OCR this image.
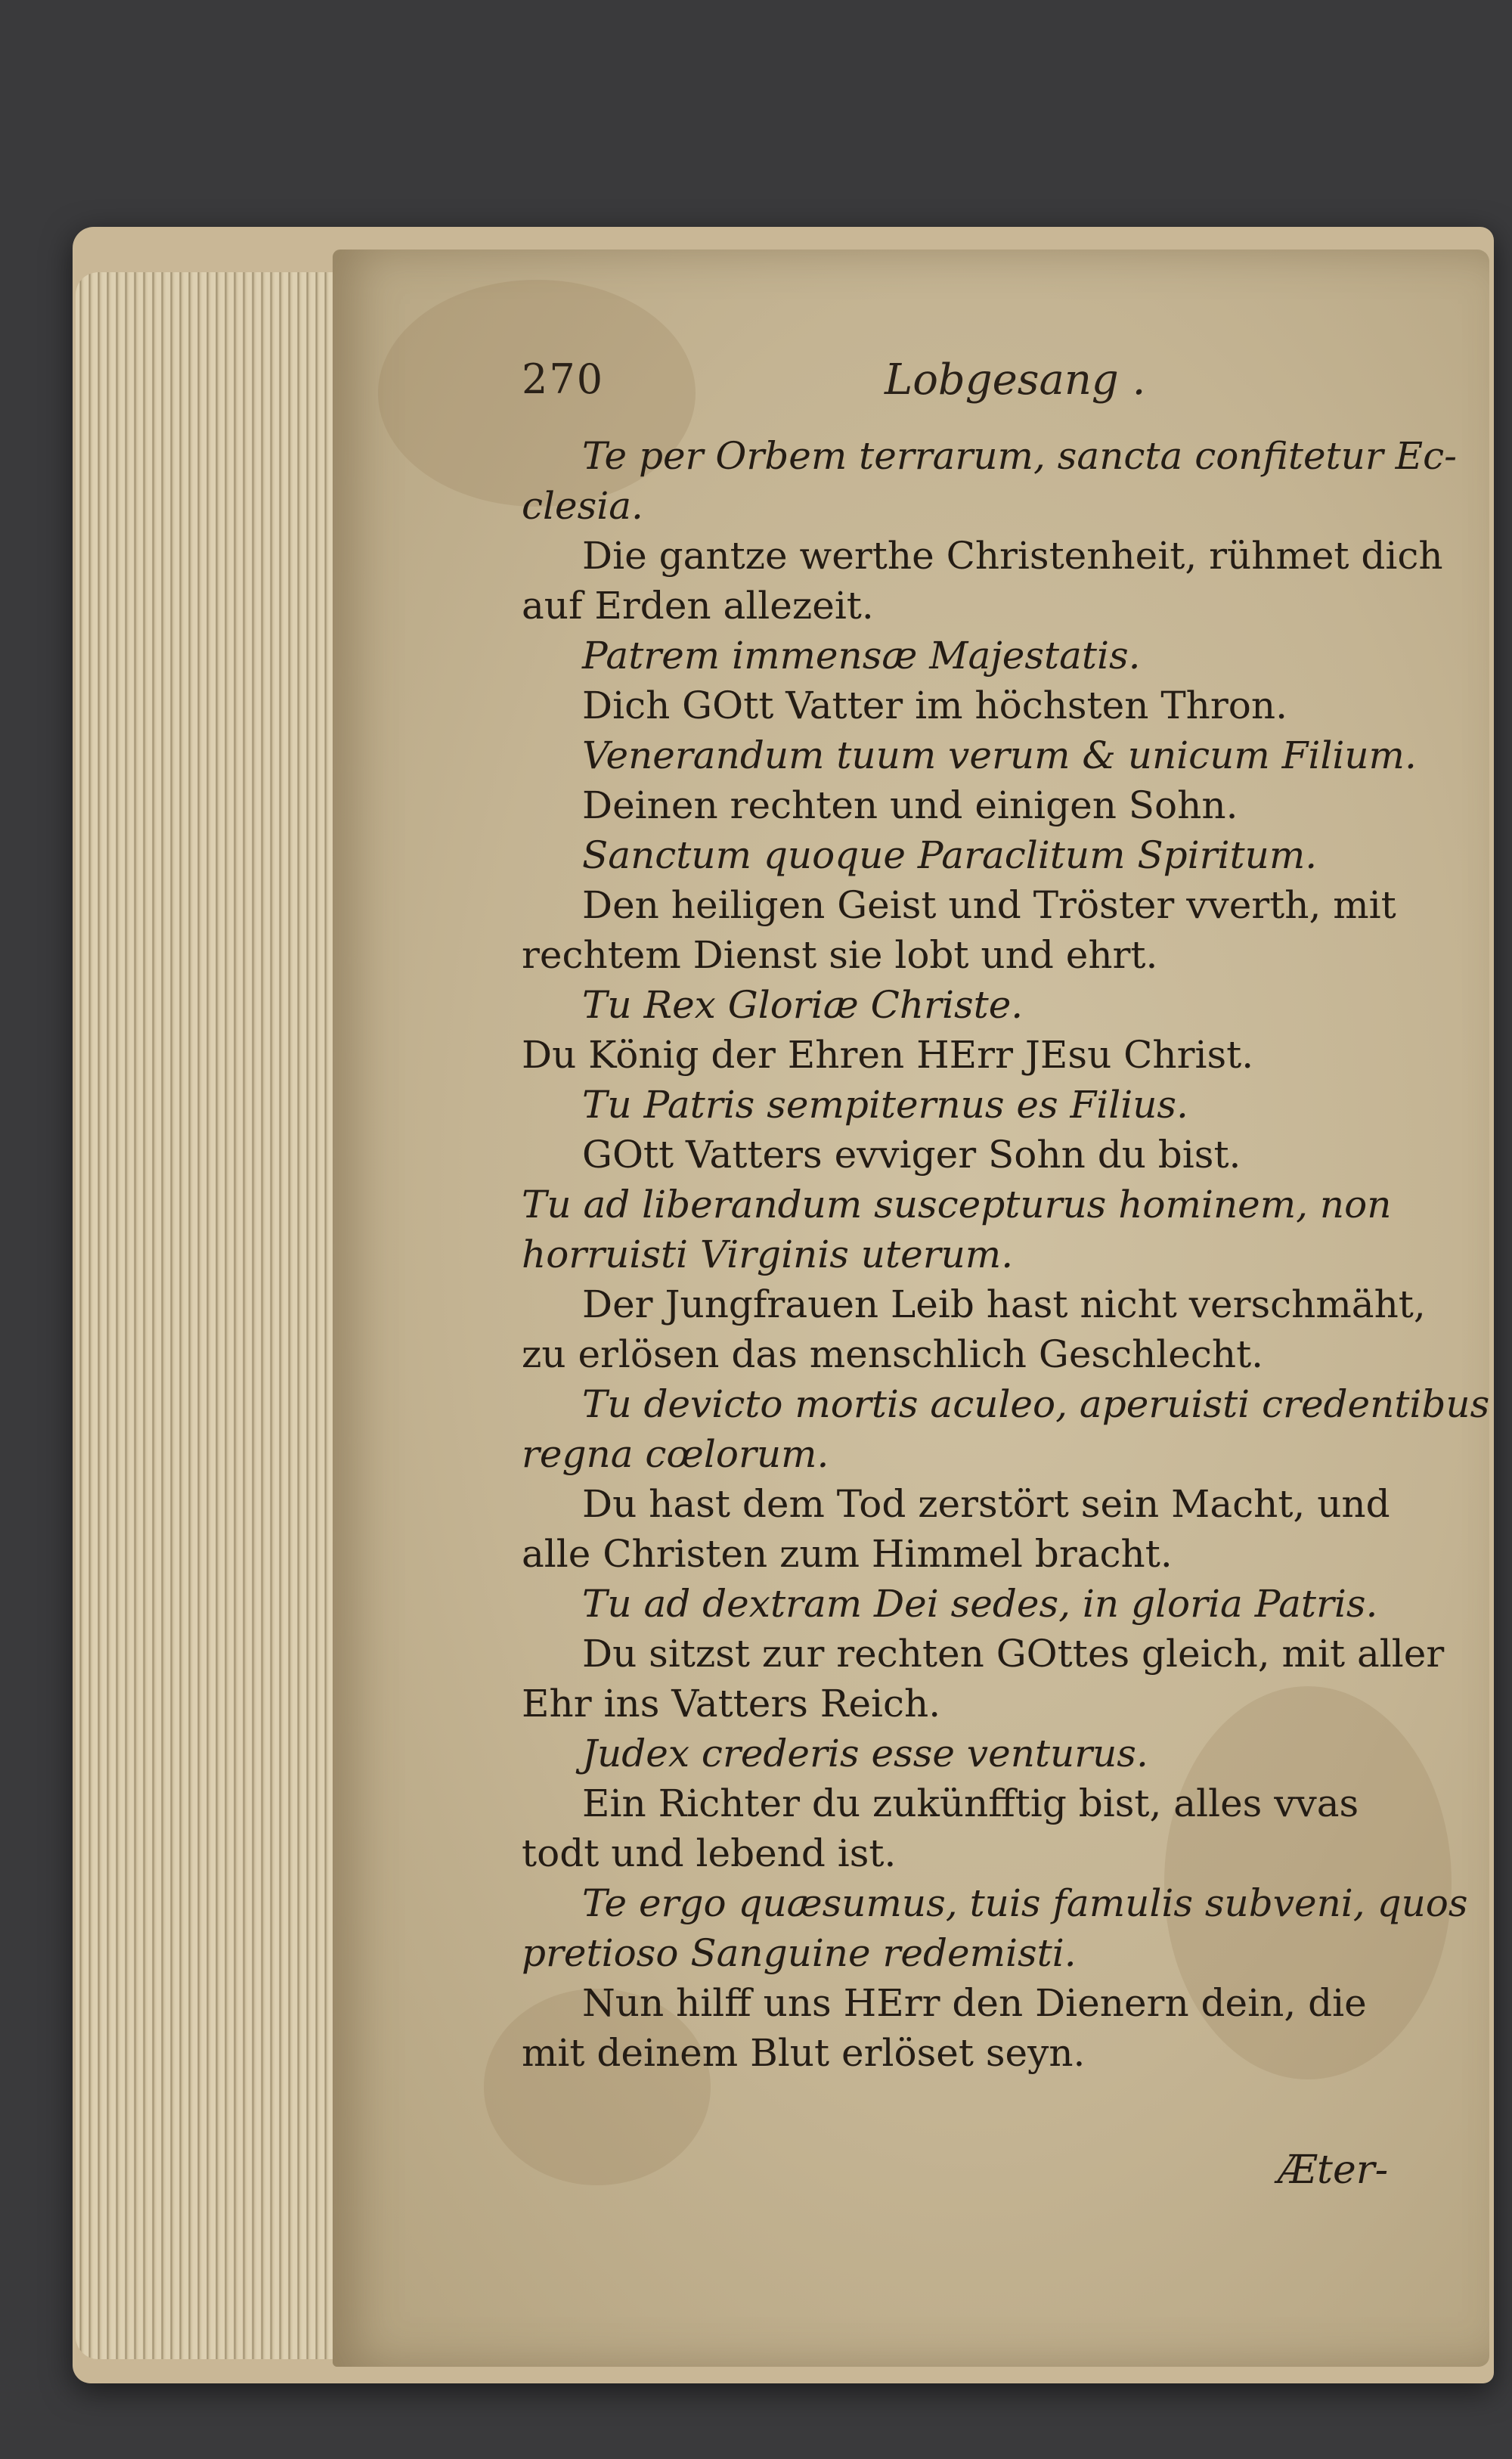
270	Lobgesang .
Te per Orbem terrarum, sancta confitetur Ec-
clesia.
Die gantze werthe Christenheit, rühmet dich
auf Erden allezeit.
Patrem immensæ Majestatis.
Dich GOtt Vatter im höchsten Thron.
Venerandum tuum verum & unicum Filium.
Deinen rechten und einigen Sohn.
Sanctum quoque Paraclitum Spiritum.
Den heiligen Geist und Tröster vverth, mit
rechtem Dienst sie lobt und ehrt.
Tu Rex Gloriæ Christe.
Du König der Ehren HErr JEsu Christ.
Tu Patris sempiternus es Filius.
GOtt Vatters evviger Sohn du bist.
Tu ad liberandum suscepturus hominem, non
horruisti Virginis uterum.
Der Jungfrauen Leib hast nicht verschmäht,
zu erlösen das menschlich Geschlecht.
Tu devicto mortis aculeo, aperuisti credentibus
regna cœlorum.
Du hast dem Tod zerstört sein Macht, und
alle Christen zum Himmel bracht.
Tu ad dextram Dei sedes, in gloria Patris.
Du sitzst zur rechten GOttes gleich, mit aller
Ehr ins Vatters Reich.
Judex crederis esse venturus.
Ein Richter du zukünfftig bist, alles vvas
todt und lebend ist.
Te ergo quæsumus, tuis famulis subveni, quos
pretioso Sanguine redemisti.
Nun hilff uns HErr den Dienern dein, die
mit deinem Blut erlöset seyn.
Æter-
